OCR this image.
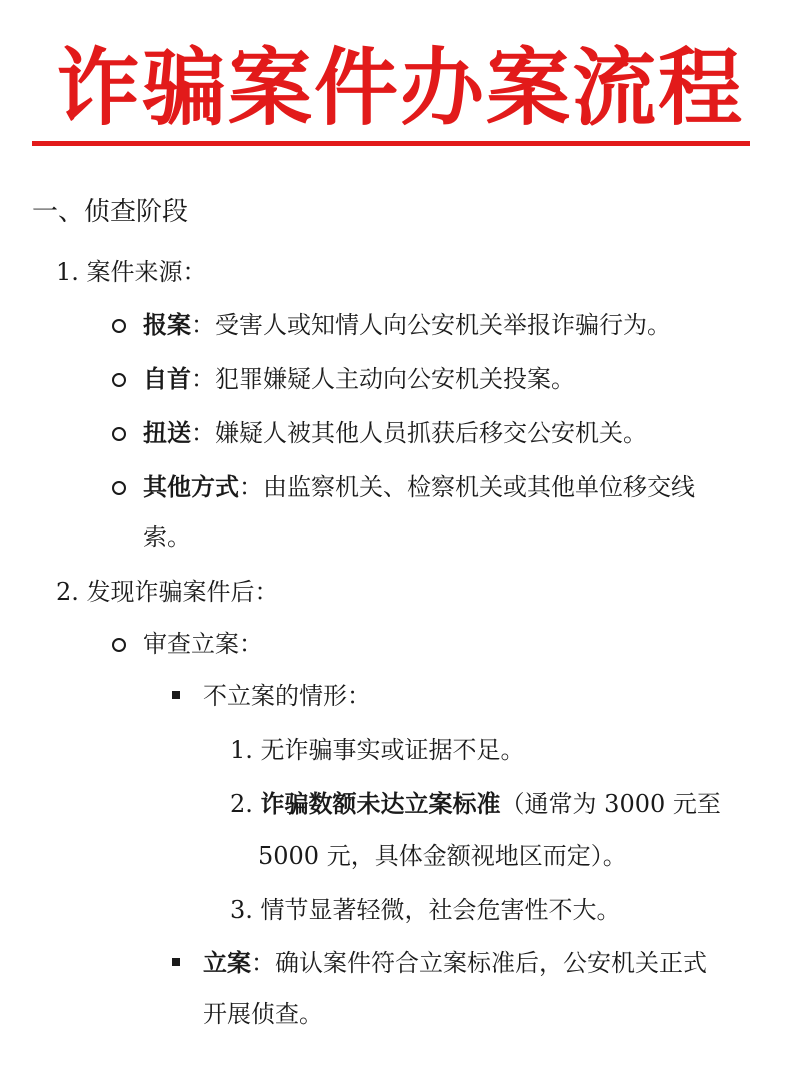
诈骗案件办案流程
一、侦查阶段
1. 案件来源：
报案：受害人或知情人向公安机关举报诈骗行为。
自首：犯罪嫌疑人主动向公安机关投案。
扭送：嫌疑人被其他人员抓获后移交公安机关。
其他方式：由监察机关、检察机关或其他单位移交线
索。
2. 发现诈骗案件后：
审查立案：
不立案的情形：
1. 无诈骗事实或证据不足。
2. 诈骗数额未达立案标准（通常为 3000 元至
5000 元，具体金额视地区而定）。
3. 情节显著轻微，社会危害性不大。
立案：确认案件符合立案标准后，公安机关正式
开展侦查。
